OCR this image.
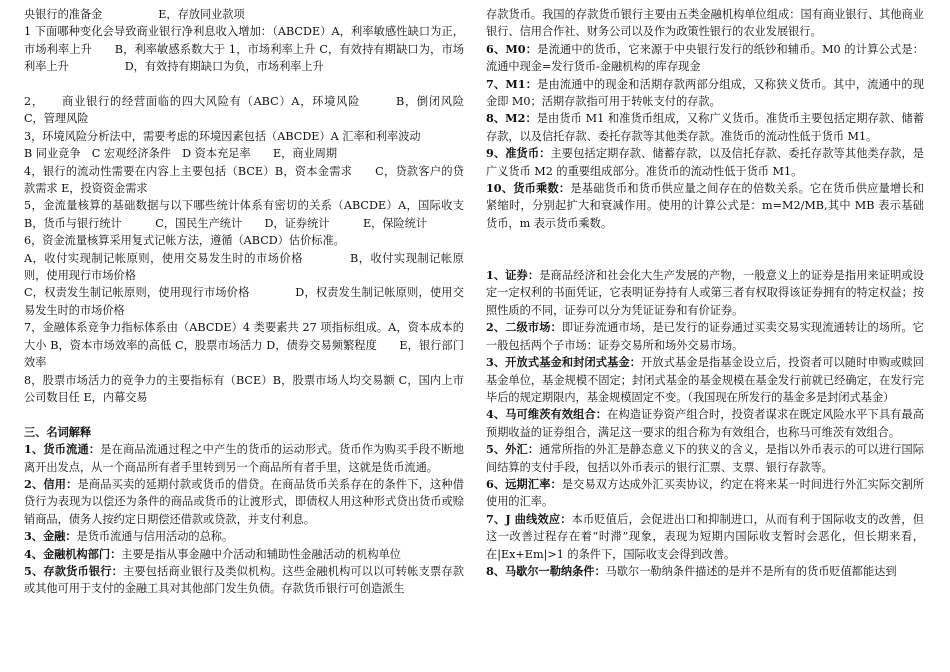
央银行的准备金　　　　　E，存放同业款项

1 下面哪种变化会导致商业银行净利息收入增加：（ABCDE）A，利率敏感性缺口为正，市场利率上升　　B，利率敏感系数大于 1，市场利率上升 C，有效持有期缺口为，市场利率上升　　　　　D，有效持有期缺口为负，市场利率上升

2，　　商业银行的经营面临的四大风险有（ABC）A，环境风险　　　B，倒闭风险　　C，管理风险

3，环境风险分析法中，需要考虑的环境因素包括（ABCDE）A 汇率和利率波动

B 同业竞争　C 宏观经济条件　D 资本充足率　　E，商业周期

4，银行的流动性需要在内容上主要包括（BCE）B，资本金需求　　C，贷款客户的贷款需求 E，投资资金需求

5，金流量核算的基础数据与以下哪些统计体系有密切的关系（ABCDE）A，国际收支　　B，货币与银行统计　　　C，国民生产统计　　D，证券统计　　　E，保险统计

6，资金流量核算采用复式记帐方法，遵循（ABCD）估价标准。

A，收付实现制记帐原则，使用交易发生时的市场价格　　　　B，收付实现制记帐原则，使用现行市场价格

C，权责发生制记帐原则，使用现行市场价格　　　　D，权责发生制记帐原则，使用交易发生时的市场价格

7，金融体系竞争力指标体系由（ABCDE）4 类要素共 27 项指标组成。A，资本成本的大小 B，资本市场效率的高低 C，股票市场活力 D，债券交易频繁程度　　E，银行部门效率

8，股票市场活力的竞争力的主要指标有（BCE）B，股票市场人均交易额 C，国内上市公司数目任 E，内幕交易

三、名词解释

1、货币流通：是在商品流通过程之中产生的货币的运动形式。货币作为购买手段不断地离开出发点，从一个商品所有者手里转到另一个商品所有者手里，这就是货币流通。

2、信用：是商品买卖的延期付款或货币的借贷。在商品货币关系存在的条件下，这种借贷行为表现为以偿还为条件的商品或货币的让渡形式，即债权人用这种形式贷出货币或赊销商品，债务人按约定日期偿还借款或贷款，并支付利息。

3、金融：是货币流通与信用活动的总称。

4、金融机构部门：主要是指从事金融中介活动和辅助性金融活动的机构单位

5、存款货币银行：主要包括商业银行及类似机构。这些金融机构可以以可转帐支票存款或其他可用于支付的金融工具对其他部门发生负债。存款货币银行可创造派生

存款货币。我国的存款货币银行主要由五类金融机构单位组成：国有商业银行、其他商业银行、信用合作社、财务公司以及作为政策性银行的农业发展银行。

6、M0：是流通中的货币，它来源于中央银行发行的纸钞和辅币。M0 的计算公式是：流通中现金=发行货币-金融机构的库存现金

7、M1：是由流通中的现金和活期存款两部分组成，又称狭义货币。其中，流通中的现金即 M0；活期存款指可用于转帐支付的存款。

8、M2：是由货币 M1 和准货币组成，又称广义货币。准货币主要包括定期存款、储蓄存款，以及信托存款、委托存款等其他类存款。准货币的流动性低于货币 M1。

9、准货币：主要包括定期存款、储蓄存款，以及信托存款、委托存款等其他类存款，是广义货币 M2 的重要组成部分。准货币的流动性低于货币 M1。

10、货币乘数：是基础货币和货币供应量之间存在的倍数关系。它在货币供应量增长和紧缩时，分别起扩大和衰减作用。使用的计算公式是：m=M2/MB,其中 MB 表示基础货币，m 表示货币乘数。

1、证券：是商品经济和社会化大生产发展的产物，一般意义上的证券是指用来证明或设定一定权利的书面凭证，它表明证券持有人或第三者有权取得该证券拥有的特定权益；按照性质的不同，证券可以分为凭证证券和有价证券。

2、二级市场：即证券流通市场，是已发行的证券通过买卖交易实现流通转让的场所。它一般包括两个子市场：证券交易所和场外交易市场。

3、开放式基金和封闭式基金：开放式基金是指基金设立后，投资者可以随时申购或赎回基金单位，基金规模不固定；封闭式基金的基金规模在基金发行前就已经确定，在发行完毕后的规定期限内，基金规模固定不变。（我国现在所发行的基金多是封闭式基金）

4、马可维茨有效组合：在构造证券资产组合时，投资者谋求在既定风险水平下具有最高预期收益的证券组合，满足这一要求的组合称为有效组合，也称马可维茨有效组合。

5、外汇：通常所指的外汇是静态意义下的狭义的含义，是指以外币表示的可以进行国际间结算的支付手段，包括以外币表示的银行汇票、支票、银行存款等。

6、远期汇率：是交易双方达成外汇买卖协议，约定在将来某一时间进行外汇实际交割所使用的汇率。

7、J 曲线效应：本币贬值后，会促进出口和抑制进口，从而有利于国际收支的改善，但这一改善过程存在着“时滞”现象，表现为短期内国际收支暂时会恶化，但长期来看，在|Ex+Em|>1 的条件下，国际收支会得到改善。

8、马歇尔一勒纳条件：马歇尔一勒纳条件描述的是并不是所有的货币贬值都能达到
